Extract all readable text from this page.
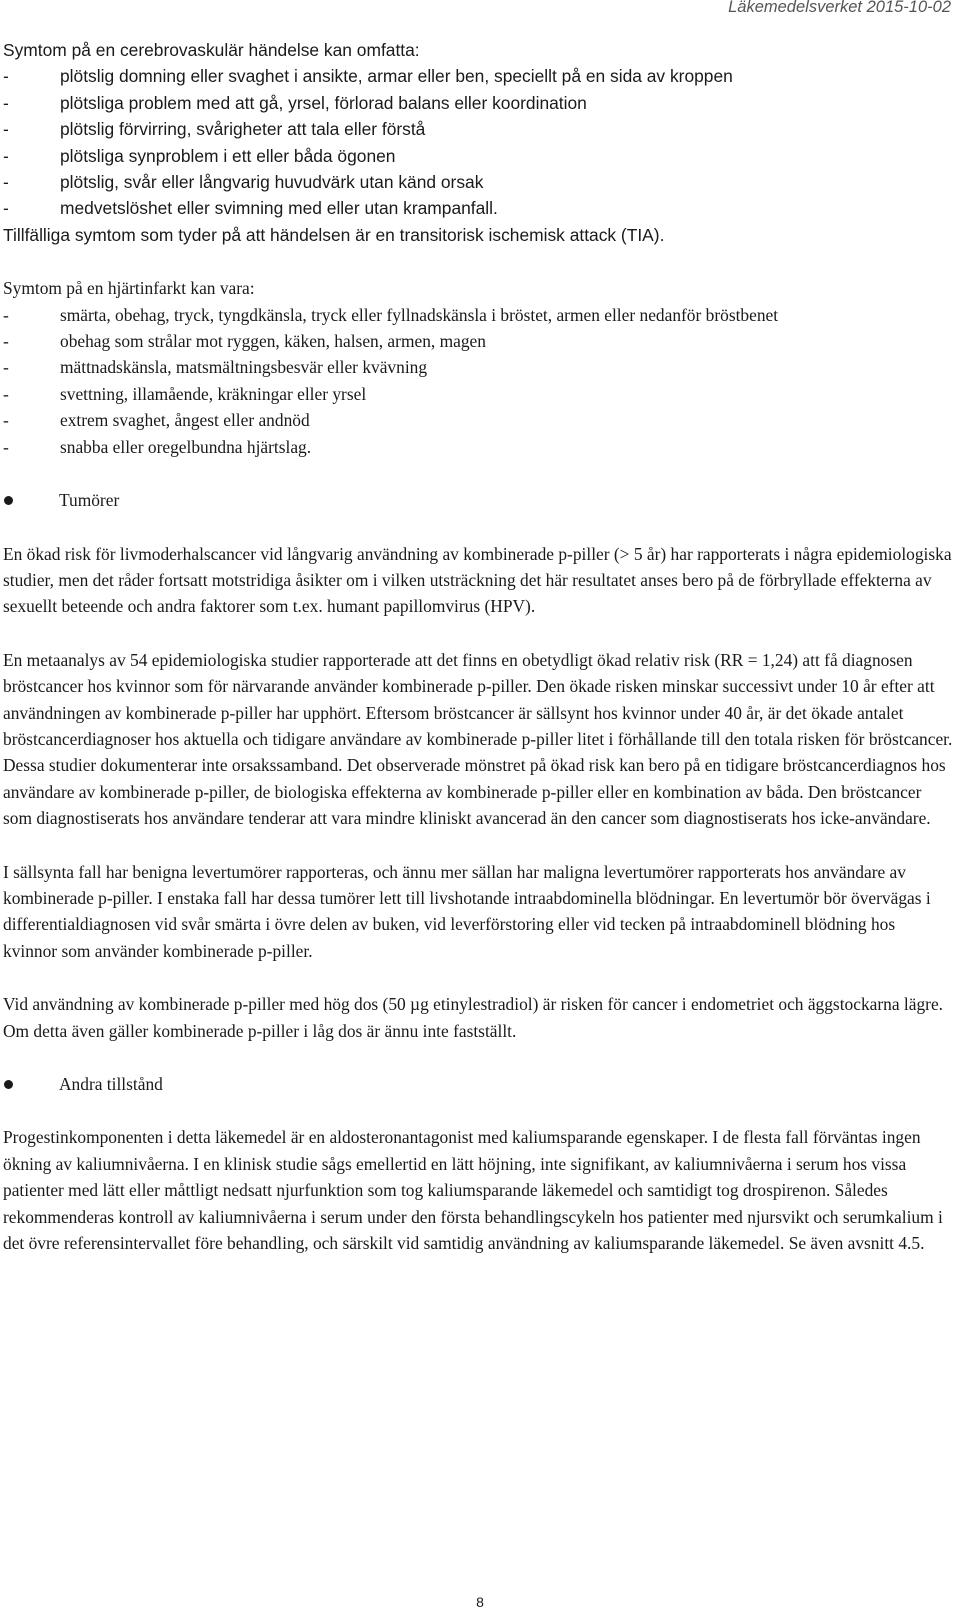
Läkemedelsverket 2015-10-02

Symtom på en cerebrovaskulär händelse kan omfatta:

-	plötslig domning eller svaghet i ansikte, armar eller ben, speciellt på en sida av kroppen
-	plötsliga problem med att gå, yrsel, förlorad balans eller koordination
-	plötslig förvirring, svårigheter att tala eller förstå
-	plötsliga synproblem i ett eller båda ögonen
-	plötslig, svår eller långvarig huvudvärk utan känd orsak
-	medvetslöshet eller svimning med eller utan krampanfall.

Tillfälliga symtom som tyder på att händelsen är en transitorisk ischemisk attack (TIA).

Symtom på en hjärtinfarkt kan vara:

-	smärta, obehag, tryck, tyngdkänsla, tryck eller fyllnadskänsla i bröstet, armen eller nedanför bröstbenet
-	obehag som strålar mot ryggen, käken, halsen, armen, magen
-	mättnadskänsla, matsmältningsbesvär eller kvävning
-	svettning, illamående, kräkningar eller yrsel
-	extrem svaghet, ångest eller andnöd
-	snabba eller oregelbundna hjärtslag.
Tumörer

En ökad risk för livmoderhalscancer vid långvarig användning av kombinerade p-piller (> 5 år) har rapporterats i några epidemiologiska studier, men det råder fortsatt motstridiga åsikter om i vilken utsträckning det här resultatet anses bero på de förbryllade effekterna av sexuellt beteende och andra faktorer som t.ex. humant papillomvirus (HPV).

En metaanalys av 54 epidemiologiska studier rapporterade att det finns en obetydligt ökad relativ risk (RR = 1,24) att få diagnosen bröstcancer hos kvinnor som för närvarande använder kombinerade p-piller. Den ökade risken minskar successivt under 10 år efter att användningen av kombinerade p-piller har upphört. Eftersom bröstcancer är sällsynt hos kvinnor under 40 år, är det ökade antalet bröstcancerdiagnoser hos aktuella och tidigare användare av kombinerade p-piller litet i förhållande till den totala risken för bröstcancer. Dessa studier dokumenterar inte orsakssamband. Det observerade mönstret på ökad risk kan bero på en tidigare bröstcancerdiagnos hos användare av kombinerade p-piller, de biologiska effekterna av kombinerade p-piller eller en kombination av båda. Den bröstcancer som diagnostiserats hos användare tenderar att vara mindre kliniskt avancerad än den cancer som diagnostiserats hos icke-användare.

I sällsynta fall har benigna levertumörer rapporteras, och ännu mer sällan har maligna levertumörer rapporterats hos användare av kombinerade p-piller. I enstaka fall har dessa tumörer lett till livshotande intraabdominella blödningar. En levertumör bör övervägas i differentialdiagnosen vid svår smärta i övre delen av buken, vid leverförstoring eller vid tecken på intraabdominell blödning hos kvinnor som använder kombinerade p-piller.

Vid användning av kombinerade p-piller med hög dos (50 µg etinylestradiol) är risken för cancer i endometriet och äggstockarna lägre. Om detta även gäller kombinerade p-piller i låg dos är ännu inte fastställt.

Andra tillstånd

Progestinkomponenten i detta läkemedel är en aldosteronantagonist med kaliumsparande egenskaper. I de flesta fall förväntas ingen ökning av kaliumnivåerna. I en klinisk studie sågs emellertid en lätt höjning, inte signifikant, av kaliumnivåerna i serum hos vissa patienter med lätt eller måttligt nedsatt njurfunktion som tog kaliumsparande läkemedel och samtidigt tog drospirenon. Således rekommenderas kontroll av kaliumnivåerna i serum under den första behandlingscykeln hos patienter med njursvikt och serumkalium i det övre referensintervallet före behandling, och särskilt vid samtidig användning av kaliumsparande läkemedel. Se även avsnitt 4.5.

8
